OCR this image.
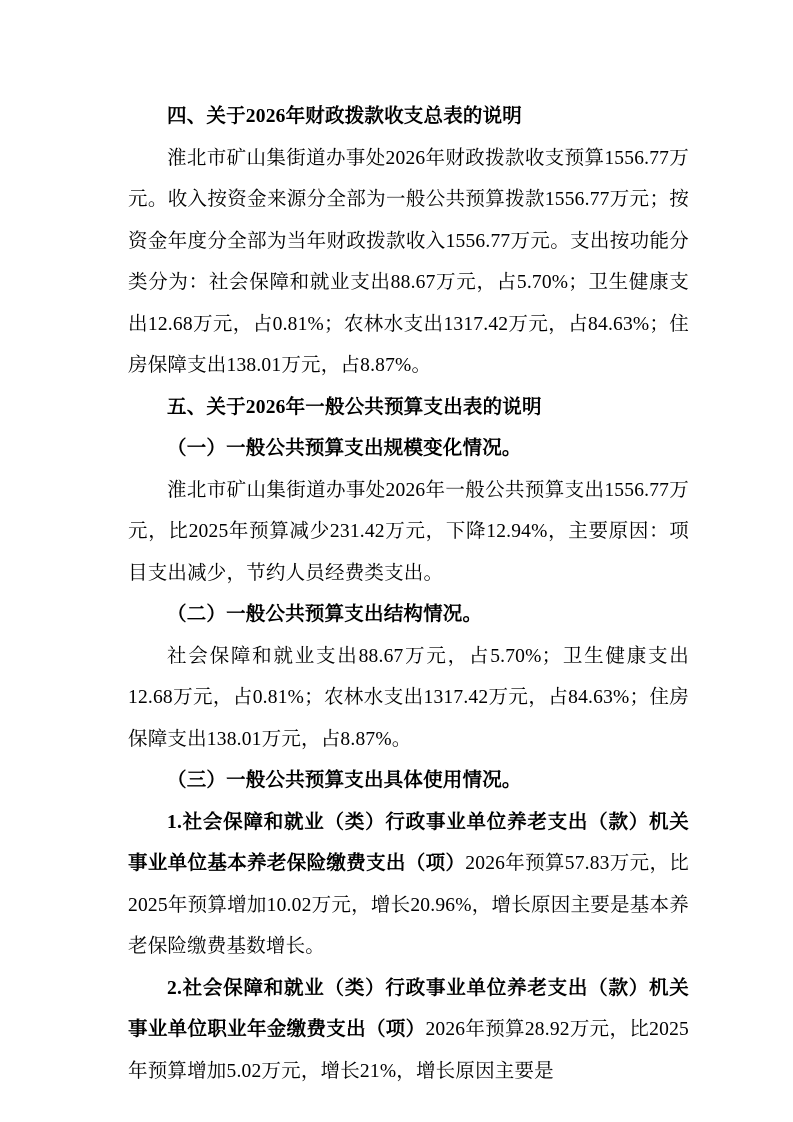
四、关于2026年财政拨款收支总表的说明

淮北市矿山集街道办事处2026年财政拨款收支预算1556.77万元。收入按资金来源分全部为一般公共预算拨款1556.77万元；按资金年度分全部为当年财政拨款收入1556.77万元。支出按功能分类分为：社会保障和就业支出88.67万元，占5.70%；卫生健康支出12.68万元，占0.81%；农林水支出1317.42万元，占84.63%；住房保障支出138.01万元，占8.87%。

五、关于2026年一般公共预算支出表的说明

（一）一般公共预算支出规模变化情况。

淮北市矿山集街道办事处2026年一般公共预算支出1556.77万元，比2025年预算减少231.42万元，下降12.94%，主要原因：项目支出减少，节约人员经费类支出。

（二）一般公共预算支出结构情况。

社会保障和就业支出88.67万元，占5.70%；卫生健康支出12.68万元，占0.81%；农林水支出1317.42万元，占84.63%；住房保障支出138.01万元，占8.87%。

（三）一般公共预算支出具体使用情况。

1.社会保障和就业（类）行政事业单位养老支出（款）机关事业单位基本养老保险缴费支出（项）2026年预算57.83万元，比2025年预算增加10.02万元，增长20.96%，增长原因主要是基本养老保险缴费基数增长。

2.社会保障和就业（类）行政事业单位养老支出（款）机关事业单位职业年金缴费支出（项）2026年预算28.92万元，比2025年预算增加5.02万元，增长21%，增长原因主要是
